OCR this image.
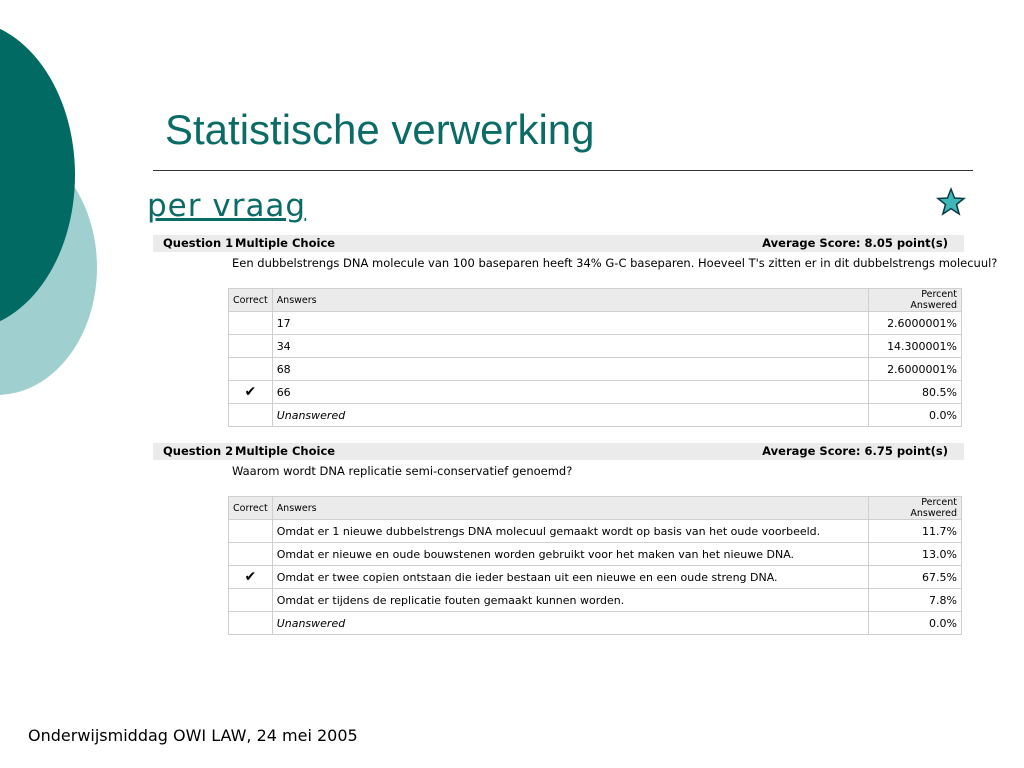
Statistische verwerking
per vraag
Question 1 Multiple Choice	Average Score: 8.05 point(s)
Een dubbelstrengs DNA molecule van 100 baseparen heeft 34% G-C baseparen. Hoeveel T's zitten er in dit dubbelstrengs molecuul?
Correct	Answers	Percent Answered
	17	2.6000001%
	34	14.300001%
	68	2.6000001%
✔	66	80.5%
	Unanswered	0.0%
Question 2 Multiple Choice	Average Score: 6.75 point(s)
Waarom wordt DNA replicatie semi-conservatief genoemd?
Correct	Answers	Percent Answered
	Omdat er 1 nieuwe dubbelstrengs DNA molecuul gemaakt wordt op basis van het oude voorbeeld.	11.7%
	Omdat er nieuwe en oude bouwstenen worden gebruikt voor het maken van het nieuwe DNA.	13.0%
✔	Omdat er twee copien ontstaan die ieder bestaan uit een nieuwe en een oude streng DNA.	67.5%
	Omdat er tijdens de replicatie fouten gemaakt kunnen worden.	7.8%
	Unanswered	0.0%
Onderwijsmiddag OWI LAW, 24 mei 2005
